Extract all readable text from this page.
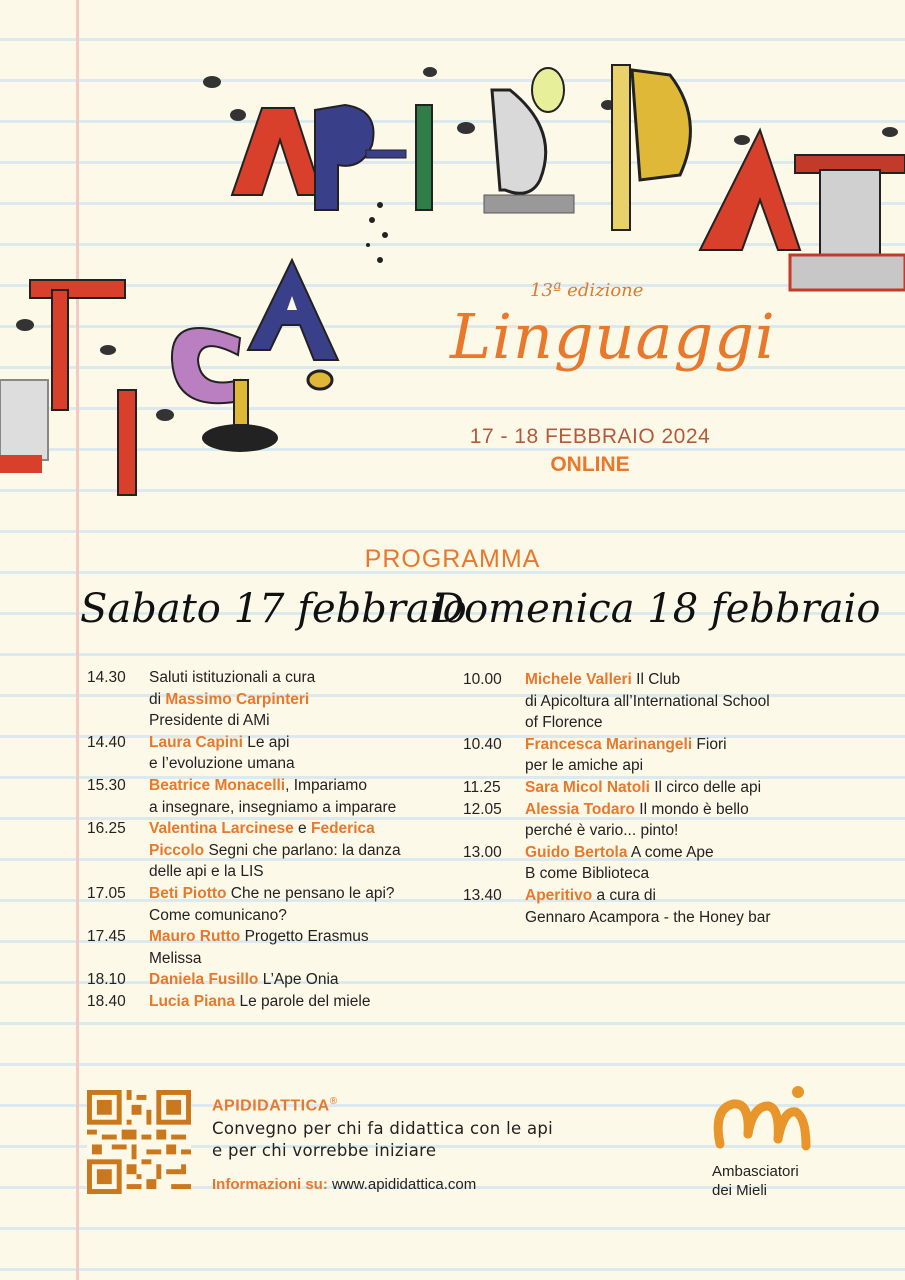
13ª edizione
Linguaggi
17 - 18 FEBBRAIO 2024
ONLINE
PROGRAMMA
Sabato 17 febbraio
Domenica 18 febbraio
14.30	Saluti istituzionali a cura
di Massimo Carpinteri
Presidente di AMi
14.40	Laura Capini Le api
e l’evoluzione umana
15.30	Beatrice Monacelli, Impariamo
a insegnare, insegniamo a imparare
16.25	Valentina Larcinese e Federica
Piccolo Segni che parlano: la danza
delle api e la LIS
17.05	Beti Piotto Che ne pensano le api?
Come comunicano?
17.45	Mauro Rutto Progetto Erasmus
Melissa
18.10	Daniela Fusillo L’Ape Onia
18.40	Lucia Piana Le parole del miele
10.00	Michele Valleri Il Club
di Apicoltura all’International School
of Florence
10.40	Francesca Marinangeli Fiori
per le amiche api
11.25	Sara Micol Natoli Il circo delle api
12.05	Alessia Todaro Il mondo è bello
perché è vario... pinto!
13.00	Guido Bertola A come Ape
B come Biblioteca
13.40	Aperitivo a cura di
Gennaro Acampora - the Honey bar
APIDIDATTICA®
Convegno per chi fa didattica con le api
e per chi vorrebbe iniziare
Informazioni su: www.apididattica.com
Ambasciatori
dei Mieli
